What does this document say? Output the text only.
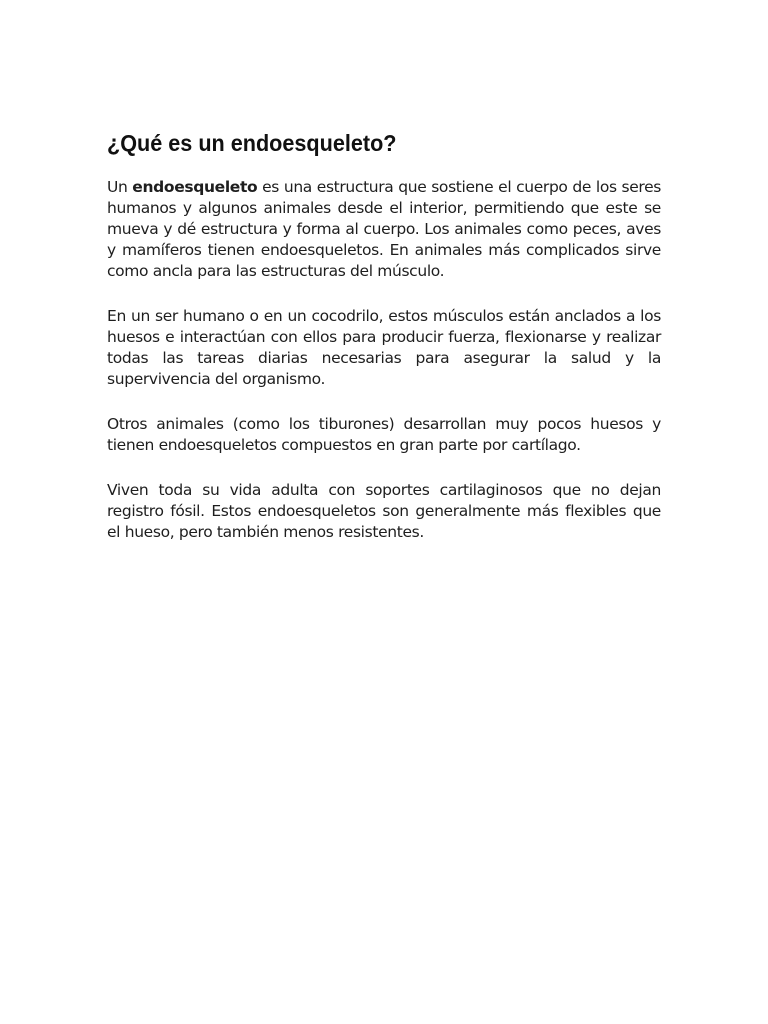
¿Qué es un endoesqueleto?

Un endoesqueleto es una estructura que sostiene el cuerpo de los seres humanos y algunos animales desde el interior, permitiendo que este se mueva y dé estructura y forma al cuerpo. Los animales como peces, aves y mamíferos tienen endoesqueletos. En animales más complicados sirve como ancla para las estructuras del músculo.

En un ser humano o en un cocodrilo, estos músculos están anclados a los huesos e interactúan con ellos para producir fuerza, flexionarse y realizar todas las tareas diarias necesarias para asegurar la salud y la supervivencia del organismo.

Otros animales (como los tiburones) desarrollan muy pocos huesos y tienen endoesqueletos compuestos en gran parte por cartílago.

Viven toda su vida adulta con soportes cartilaginosos que no dejan registro fósil. Estos endoesqueletos son generalmente más flexibles que el hueso, pero también menos resistentes.
